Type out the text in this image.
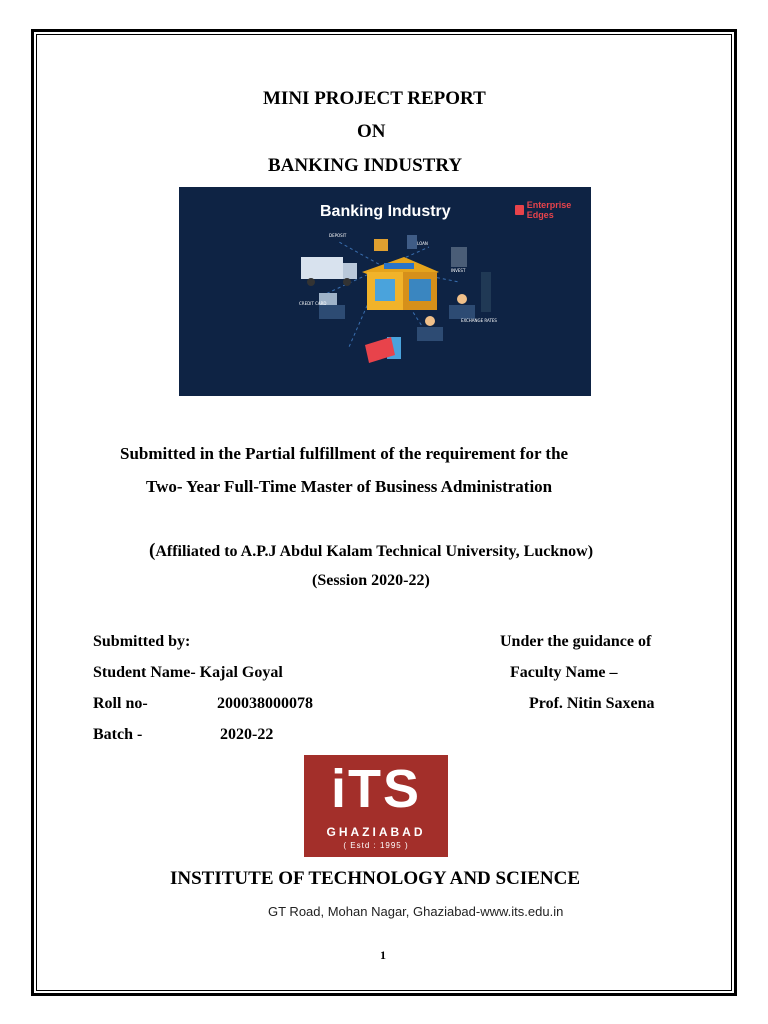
MINI PROJECT REPORT
ON
BANKING INDUSTRY
DEPOSIT
LOAN
INVEST
CREDIT CARD
EXCHANGE RATES
Banking Industry	Enterprise Edges
Submitted in the Partial fulfillment of the requirement for the
Two- Year Full-Time Master of Business Administration
(Affiliated to A.P.J Abdul Kalam Technical University, Lucknow)
(Session 2020-22)
Submitted by:
Student Name- Kajal Goyal
Roll no-	200038000078
Batch -	2020-22
Under the guidance of
Faculty Name –
Prof. Nitin Saxena
iTS
GHAZIABAD
( Estd : 1995 )
INSTITUTE OF TECHNOLOGY AND SCIENCE
GT Road, Mohan Nagar, Ghaziabad-www.its.edu.in
1
